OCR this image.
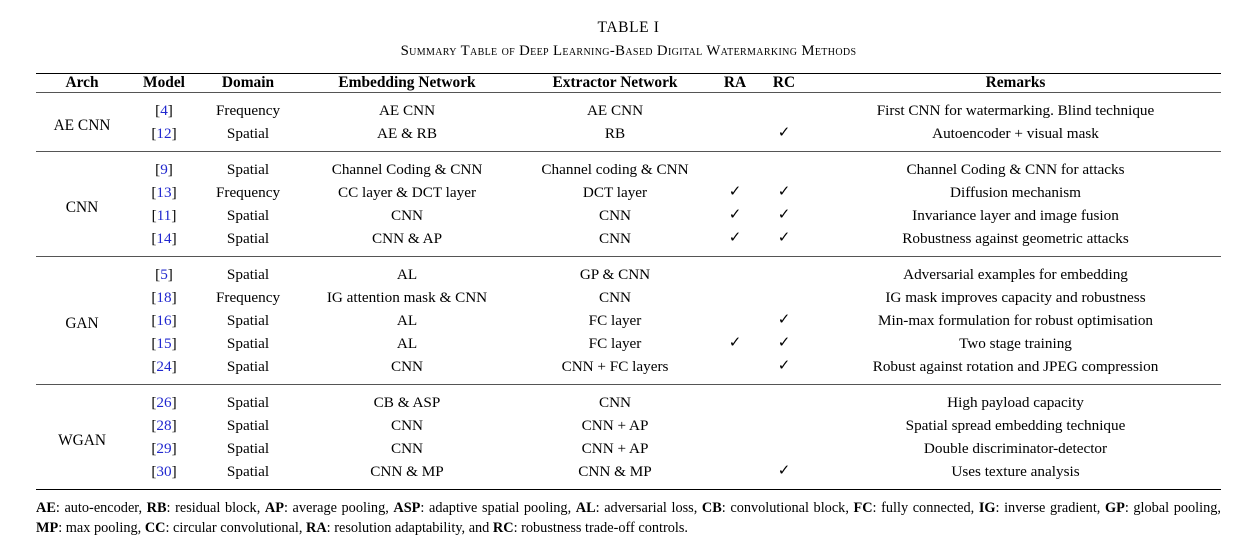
TABLE I
Summary Table of Deep Learning-Based Digital Watermarking Methods

Arch	Model	Domain	Embedding Network	Extractor Network	RA	RC	Remarks

AE CNN	[4]	Frequency	AE CNN	AE CNN			First CNN for watermarking. Blind technique
	[12]	Spatial	AE & RB	RB		✓	Autoencoder + visual mask

CNN	[9]	Spatial	Channel Coding & CNN	Channel coding & CNN			Channel Coding & CNN for attacks
	[13]	Frequency	CC layer & DCT layer	DCT layer	✓	✓	Diffusion mechanism
	[11]	Spatial	CNN	CNN	✓	✓	Invariance layer and image fusion
	[14]	Spatial	CNN & AP	CNN	✓	✓	Robustness against geometric attacks

GAN	[5]	Spatial	AL	GP & CNN			Adversarial examples for embedding
	[18]	Frequency	IG attention mask & CNN	CNN			IG mask improves capacity and robustness
	[16]	Spatial	AL	FC layer		✓	Min-max formulation for robust optimisation
	[15]	Spatial	AL	FC layer	✓	✓	Two stage training
	[24]	Spatial	CNN	CNN + FC layers		✓	Robust against rotation and JPEG compression

WGAN	[26]	Spatial	CB & ASP	CNN			High payload capacity
	[28]	Spatial	CNN	CNN + AP			Spatial spread embedding technique
	[29]	Spatial	CNN	CNN + AP			Double discriminator-detector
	[30]	Spatial	CNN & MP	CNN & MP		✓	Uses texture analysis

AE: auto-encoder, RB: residual block, AP: average pooling, ASP: adaptive spatial pooling, AL: adversarial loss, CB: convolutional block, FC: fully connected, IG: inverse gradient, GP: global pooling, MP: max pooling, CC: circular convolutional, RA: resolution adaptability, and RC: robustness trade-off controls.
